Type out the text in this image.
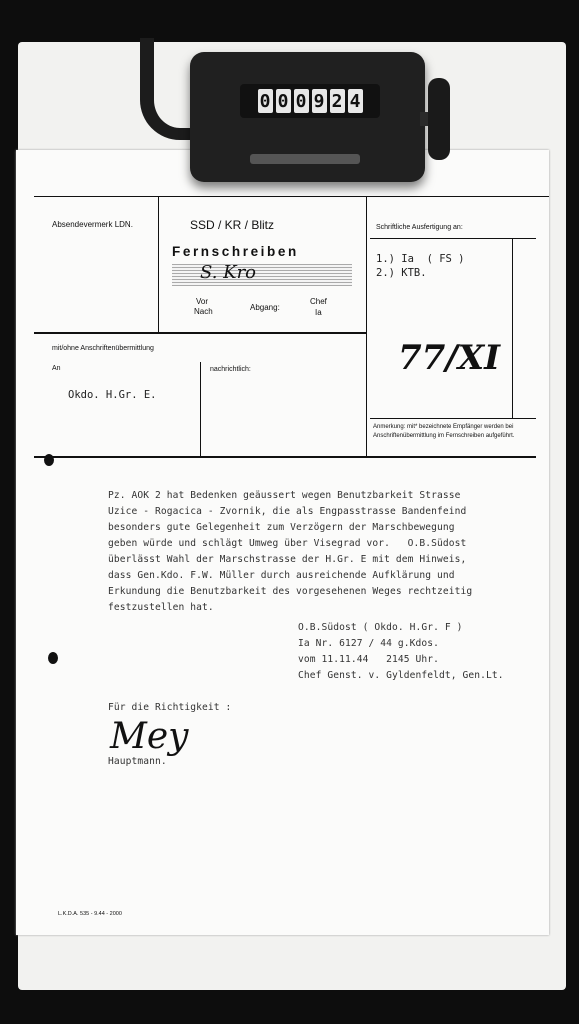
0 0 0 9 2 4
Absendevermerk LDN.	SSD / KR / Blitz
Fernschreiben
S. Kro
Vor
Nach	Abgang:
Chef
Ia
mit/ohne Anschriftenübermittlung
An	nachrichtlich:
Okdo. H.Gr. E.
Schriftliche Ausfertigung an:
1.) Ia  ( FS )
2.) KTB.
77/XI
Anmerkung: mit* bezeichnete Empfänger werden bei
Anschriftenübermittlung im Fernschreiben aufgeführt.
Pz. AOK 2 hat Bedenken geäussert wegen Benutzbarkeit Strasse
Uzice - Rogacica - Zvornik, die als Engpasstrasse Bandenfeind
besonders gute Gelegenheit zum Verzögern der Marschbewegung
geben würde und schlägt Umweg über Visegrad vor.   O.B.Südost
überlässt Wahl der Marschstrasse der H.Gr. E mit dem Hinweis,
dass Gen.Kdo. F.W. Müller durch ausreichende Aufklärung und
Erkundung die Benutzbarkeit des vorgesehenen Weges rechtzeitig
festzustellen hat.
O.B.Südost ( Okdo. H.Gr. F )
Ia Nr. 6127 / 44 g.Kdos.
vom 11.11.44   2145 Uhr.
Chef Genst. v. Gyldenfeldt, Gen.Lt.
Für die Richtigkeit :
Mey
Hauptmann.
L.K.D.A. 535 - 9.44 - 2000
